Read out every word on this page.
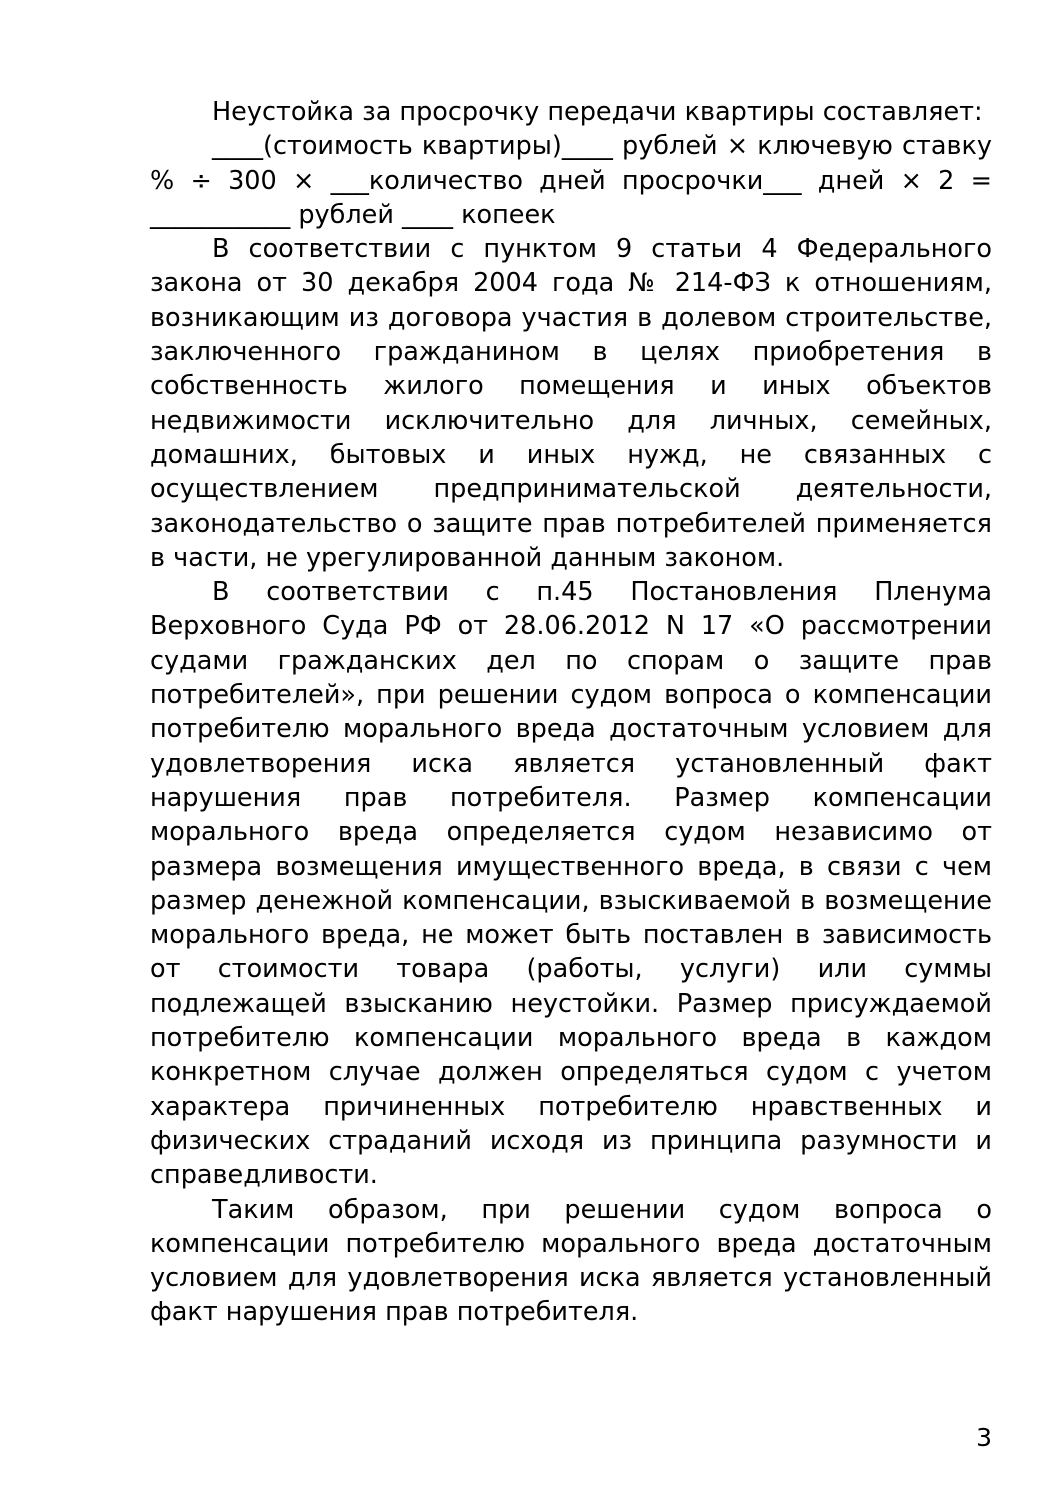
Неустойка за просрочку передачи квартиры составляет:

____(стоимость квартиры)____ рублей × ключевую ставку % ÷ 300 × ___количество дней просрочки___ дней × 2 = ___________ рублей ____ копеек

В соответствии с пунктом 9 статьи 4 Федерального закона от 30 декабря 2004 года № 214-ФЗ к отношениям, возникающим из договора участия в долевом строительстве, заключенного гражданином в целях приобретения в собственность жилого помещения и иных объектов недвижимости исключительно для личных, семейных, домашних, бытовых и иных нужд, не связанных с осуществлением предпринимательской деятельности, законодательство о защите прав потребителей применяется в части, не урегулированной данным законом.

В соответствии с п.45 Постановления Пленума Верховного Суда РФ от 28.06.2012 N 17 «О рассмотрении судами гражданских дел по спорам о защите прав потребителей», при решении судом вопроса о компенсации потребителю морального вреда достаточным условием для удовлетворения иска является установленный факт нарушения прав потребителя. Размер компенсации морального вреда определяется судом независимо от размера возмещения имущественного вреда, в связи с чем размер денежной компенсации, взыскиваемой в возмещение морального вреда, не может быть поставлен в зависимость от стоимости товара (работы, услуги) или суммы подлежащей взысканию неустойки. Размер присуждаемой потребителю компенсации морального вреда в каждом конкретном случае должен определяться судом с учетом характера причиненных потребителю нравственных и физических страданий исходя из принципа разумности и справедливости.

Таким образом, при решении судом вопроса о компенсации потребителю морального вреда достаточным условием для удовлетворения иска является установленный факт нарушения прав потребителя.

3
